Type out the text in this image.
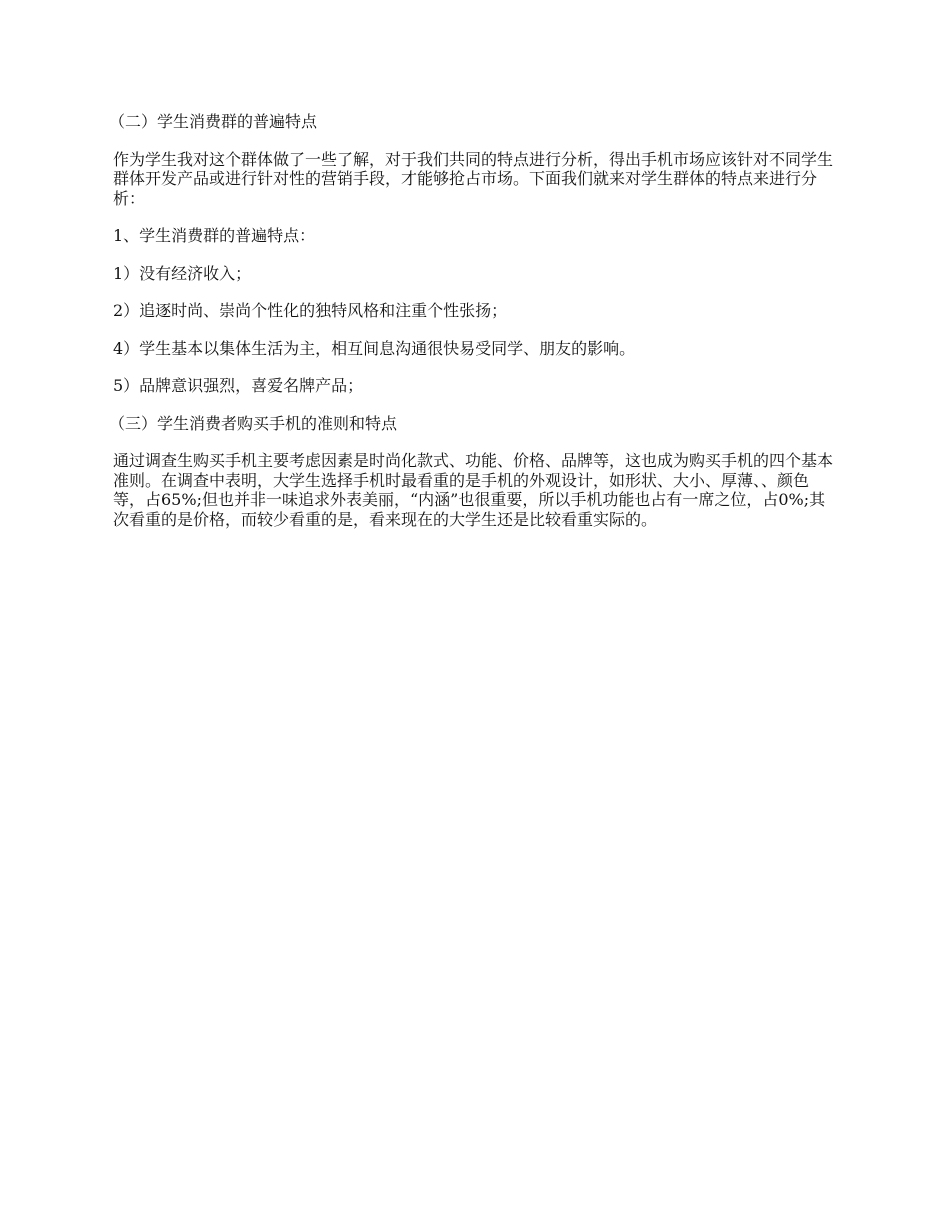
（二）学生消费群的普遍特点

作为学生我对这个群体做了一些了解，对于我们共同的特点进行分析，得出手机市场应该针对不同学生群体开发产品或进行针对性的营销手段，才能够抢占市场。下面我们就来对学生群体的特点来进行分析：

1、学生消费群的普遍特点：

1）没有经济收入；

2）追逐时尚、崇尚个性化的独特风格和注重个性张扬；

4）学生基本以集体生活为主，相互间息沟通很快易受同学、朋友的影响。

5）品牌意识强烈，喜爱名牌产品；

（三）学生消费者购买手机的准则和特点

通过调查生购买手机主要考虑因素是时尚化款式、功能、价格、品牌等，这也成为购买手机的四个基本准则。在调查中表明，大学生选择手机时最看重的是手机的外观设计，如形状、大小、厚薄、、颜色等，占65%;但也并非一味追求外表美丽，“内涵”也很重要，所以手机功能也占有一席之位，占0%;其次看重的是价格，而较少看重的是，看来现在的大学生还是比较看重实际的。
